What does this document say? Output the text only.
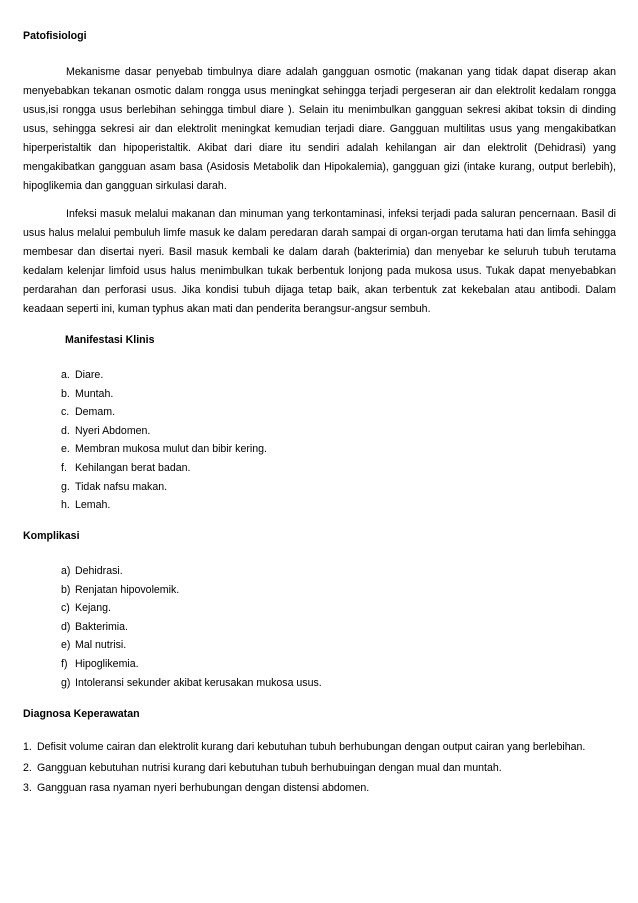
Patofisiologi

Mekanisme dasar penyebab timbulnya diare adalah gangguan osmotic (makanan yang tidak dapat diserap akan menyebabkan tekanan osmotic dalam rongga usus meningkat sehingga terjadi pergeseran air dan elektrolit kedalam rongga usus,isi rongga usus berlebihan sehingga timbul diare ). Selain itu menimbulkan gangguan sekresi akibat toksin di dinding usus, sehingga sekresi air dan elektrolit meningkat kemudian terjadi diare. Gangguan multilitas usus yang mengakibatkan hiperperistaltik dan hipoperistaltik. Akibat dari diare itu sendiri adalah kehilangan air dan elektrolit (Dehidrasi) yang mengakibatkan gangguan asam basa (Asidosis Metabolik dan Hipokalemia), gangguan gizi (intake kurang, output berlebih), hipoglikemia dan gangguan sirkulasi darah.

Infeksi masuk melalui makanan dan minuman yang terkontaminasi, infeksi terjadi pada saluran pencernaan. Basil di usus halus melalui pembuluh limfe masuk ke dalam peredaran darah sampai di organ-organ terutama hati dan limfa sehingga membesar dan disertai nyeri. Basil masuk kembali ke dalam darah (bakterimia) dan menyebar ke seluruh tubuh terutama kedalam kelenjar limfoid usus halus menimbulkan tukak berbentuk lonjong pada mukosa usus. Tukak dapat menyebabkan perdarahan dan perforasi usus. Jika kondisi tubuh dijaga tetap baik, akan terbentuk zat kekebalan atau antibodi. Dalam keadaan seperti ini, kuman typhus akan mati dan penderita berangsur-angsur sembuh.

Manifestasi Klinis
a. Diare.
b. Muntah.
c. Demam.
d. Nyeri Abdomen.
e. Membran mukosa mulut dan bibir kering.
f. Kehilangan berat badan.
g. Tidak nafsu makan.
h. Lemah.
Komplikasi
a) Dehidrasi.
b) Renjatan hipovolemik.
c) Kejang.
d) Bakterimia.
e) Mal nutrisi.
f) Hipoglikemia.
g) Intoleransi sekunder akibat kerusakan mukosa usus.
Diagnosa Keperawatan
1. Defisit volume cairan dan elektrolit kurang dari kebutuhan tubuh berhubungan dengan output cairan yang berlebihan.
2. Gangguan kebutuhan nutrisi kurang dari kebutuhan tubuh berhubuingan dengan mual dan muntah.
3. Gangguan rasa nyaman nyeri berhubungan dengan distensi abdomen.
